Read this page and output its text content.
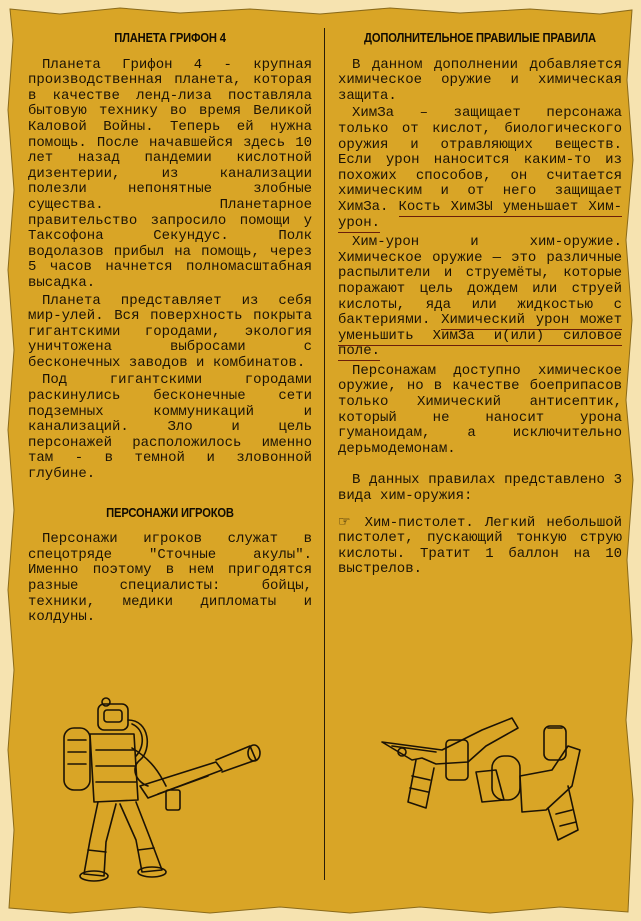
ПЛАНЕТА ГРИФОН 4

Планета Грифон 4 - крупная производственная планета, которая в качестве ленд-лиза поставляла бытовую технику во время Великой Каловой Войны. Теперь ей нужна помощь. После начавшейся здесь 10 лет назад пандемии кислотной дизентерии, из канализации полезли непонятные злобные существа. Планетарное правительство запросило помощи у Таксофона Секундус. Полк водолазов прибыл на помощь, через 5 часов начнется полномасштабная высадка.

Планета представляет из себя мир-улей. Вся поверхность покрыта гигантскими городами, экология уничтожена выбросами с бесконечных заводов и комбинатов.

Под гигантскими городами раскинулись бесконечные сети подземных коммуникаций и канализаций. Зло и цель персонажей расположилось именно там - в темной и зловонной глубине.

ПЕРСОНАЖИ ИГРОКОВ

Персонажи игроков служат в спецотряде "Сточные акулы". Именно поэтому в нем пригодятся разные специалисты: бойцы, техники, медики дипломаты и колдуны.

ДОПОЛНИТЕЛЬНОЕ ПРАВИЛЫЕ ПРАВИЛА

В данном дополнении добавляется химическое оружие и химическая защита.

ХимЗа – защищает персонажа только от кислот, биологического оружия и отравляющих веществ. Если урон наносится каким-то из похожих способов, он считается химическим и от него защищает ХимЗа. Кость ХимЗЫ уменьшает Хим-урон.

Хим-урон и хим-оружие. Химическое оружие — это различные распылители и струемёты, которые поражают цель дождем или струей кислоты, яда или жидкостью с бактериями. Химический урон может уменьшить ХимЗа и(или) силовое поле.

Персонажам доступно химическое оружие, но в качестве боеприпасов только Химический антисептик, который не наносит урона гуманоидам, а исключительно дерьмодемонам.

В данных правилах представлено 3 вида хим-оружия:

☞ Хим-пистолет. Легкий небольшой пистолет, пускающий тонкую струю кислоты. Тратит 1 баллон на 10 выстрелов.
